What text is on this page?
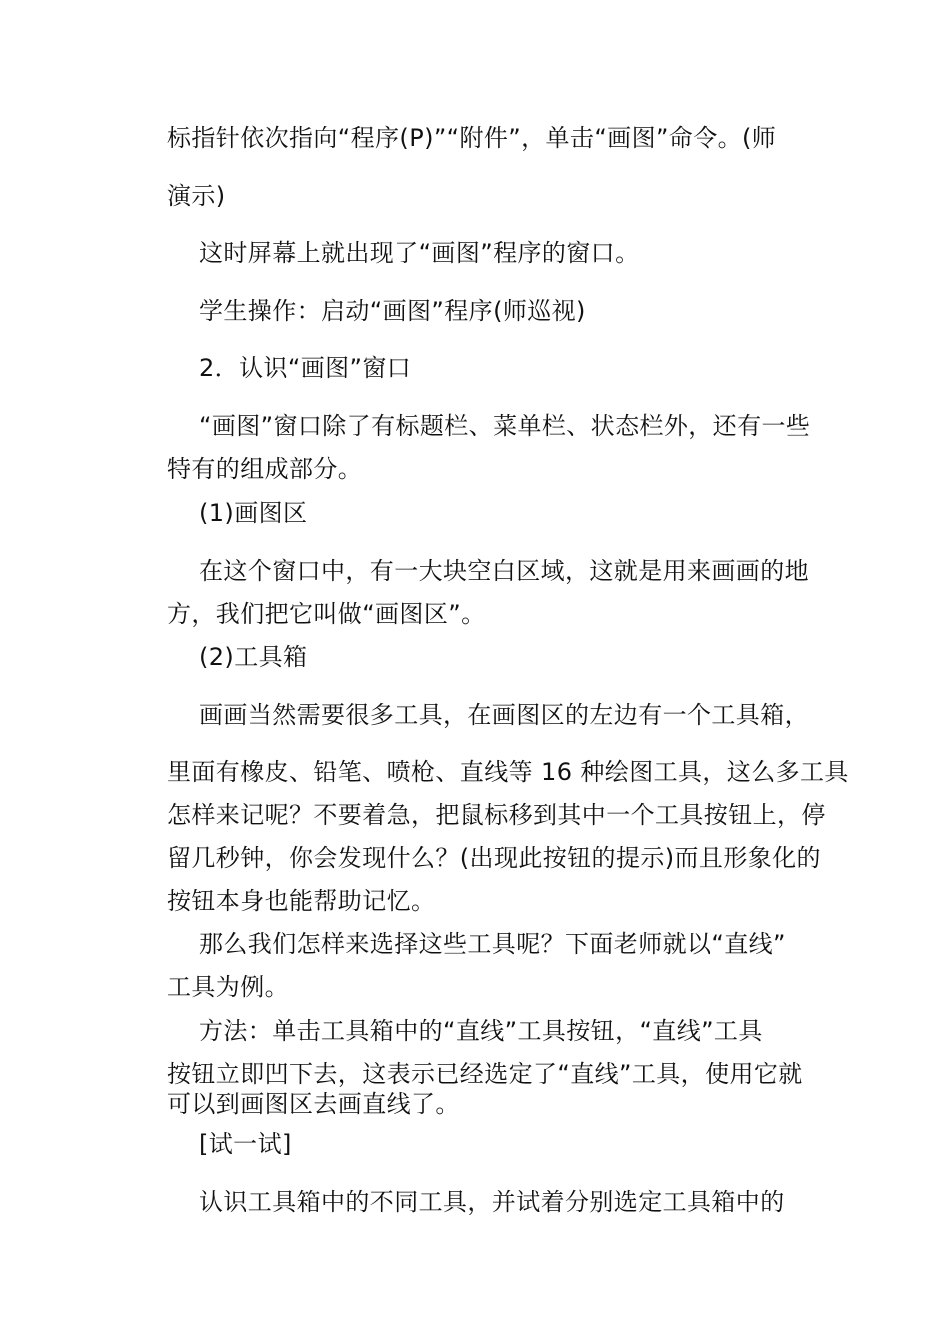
标指针依次指向“程序(P)”“附件”，单击“画图”命令。(师
演示)
这时屏幕上就出现了“画图”程序的窗口。
学生操作：启动“画图”程序(师巡视)
2．认识“画图”窗口
“画图”窗口除了有标题栏、菜单栏、状态栏外，还有一些
特有的组成部分。
(1)画图区
在这个窗口中，有一大块空白区域，这就是用来画画的地
方，我们把它叫做“画图区”。
(2)工具箱
画画当然需要很多工具，在画图区的左边有一个工具箱，
里面有橡皮、铅笔、喷枪、直线等 16 种绘图工具，这么多工具
怎样来记呢？不要着急，把鼠标移到其中一个工具按钮上，停
留几秒钟，你会发现什么？(出现此按钮的提示)而且形象化的
按钮本身也能帮助记忆。
那么我们怎样来选择这些工具呢？下面老师就以“直线”
工具为例。
方法：单击工具箱中的“直线”工具按钮，“直线”工具
按钮立即凹下去，这表示已经选定了“直线”工具，使用它就
可以到画图区去画直线了。
[试一试]
认识工具箱中的不同工具，并试着分别选定工具箱中的
